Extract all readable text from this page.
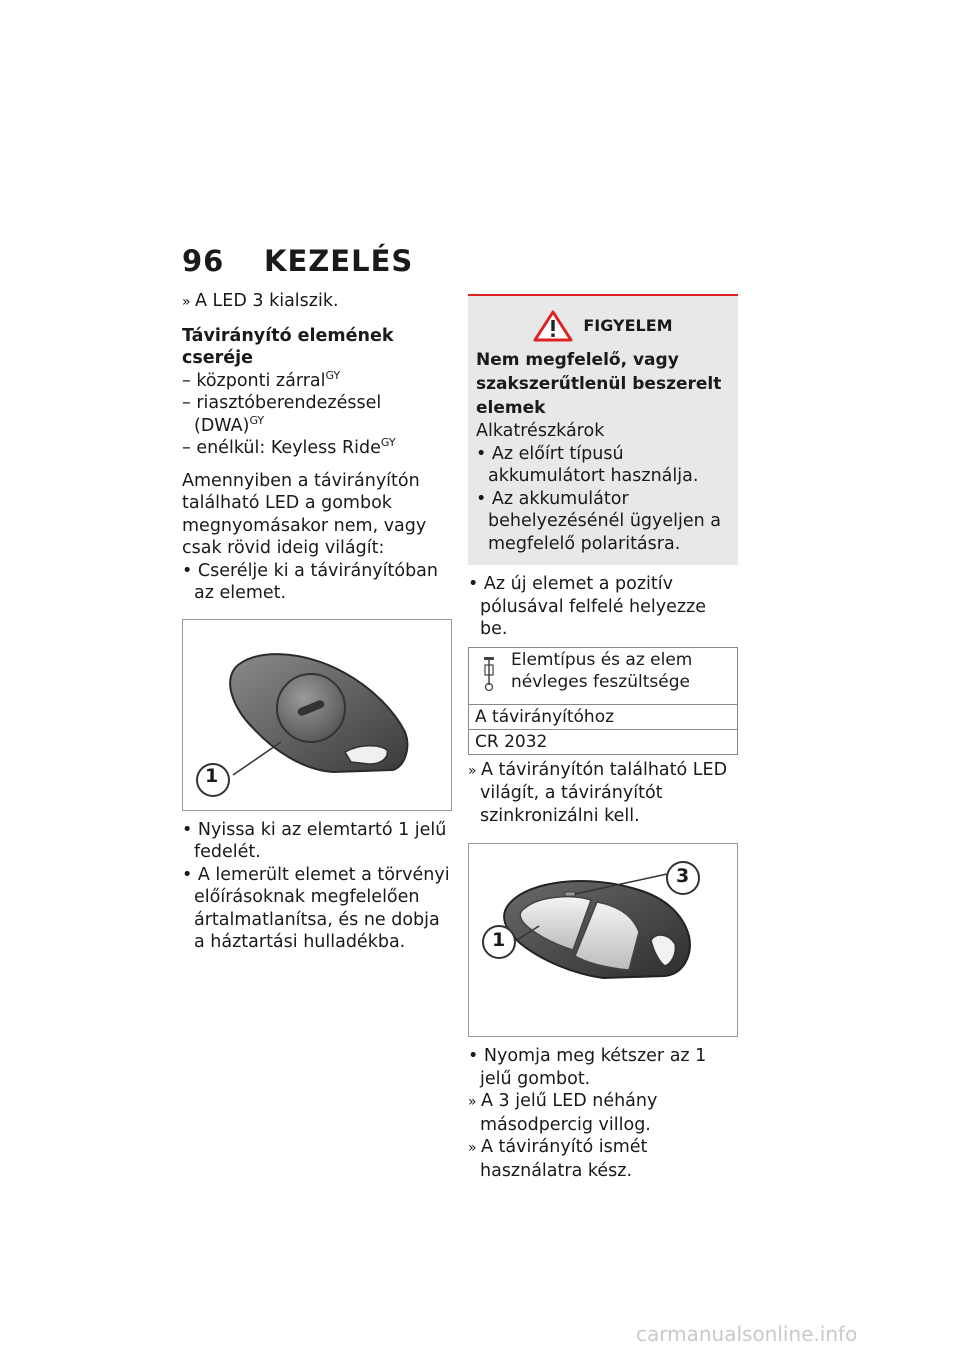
96 KEZELÉS

» A LED 3 kialszik.

Távirányító elemének cseréje

– központi zárral$^{GY}$

– riasztóberendezéssel (DWA)$^{GY}$

– enélkül: Keyless Ride$^{GY}$

Amennyiben a távirányítón található LED a gombok megnyomásakor nem, vagy csak rövid ideig világít:

• Cserélje ki a távirányítóban az elemet.

1

• Nyissa ki az elemtartó 1 jelű fedelét.

• A lemerült elemet a törvényi előírásoknak megfelelően ártalmatlanítsa, és ne dobja a háztartási hulladékba.

FIGYELEM

Nem megfelelő, vagy szakszerűtlenül beszerelt elemek

Alkatrészkárok

• Az előírt típusú akkumulátort használja.

• Az akkumulátor behelyezésénél ügyeljen a megfelelő polaritásra.

• Az új elemet a pozitív pólusával felfelé helyezze be.

Elemtípus és az elem névleges feszültsége

A távirányítóhoz
CR 2032

» A távirányítón található LED világít, a távirányítót szinkronizálni kell.

3
1

• Nyomja meg kétszer az 1 jelű gombot.

» A 3 jelű LED néhány másodpercig villog.

» A távirányító ismét használatra kész.

carmanualsonline.info
